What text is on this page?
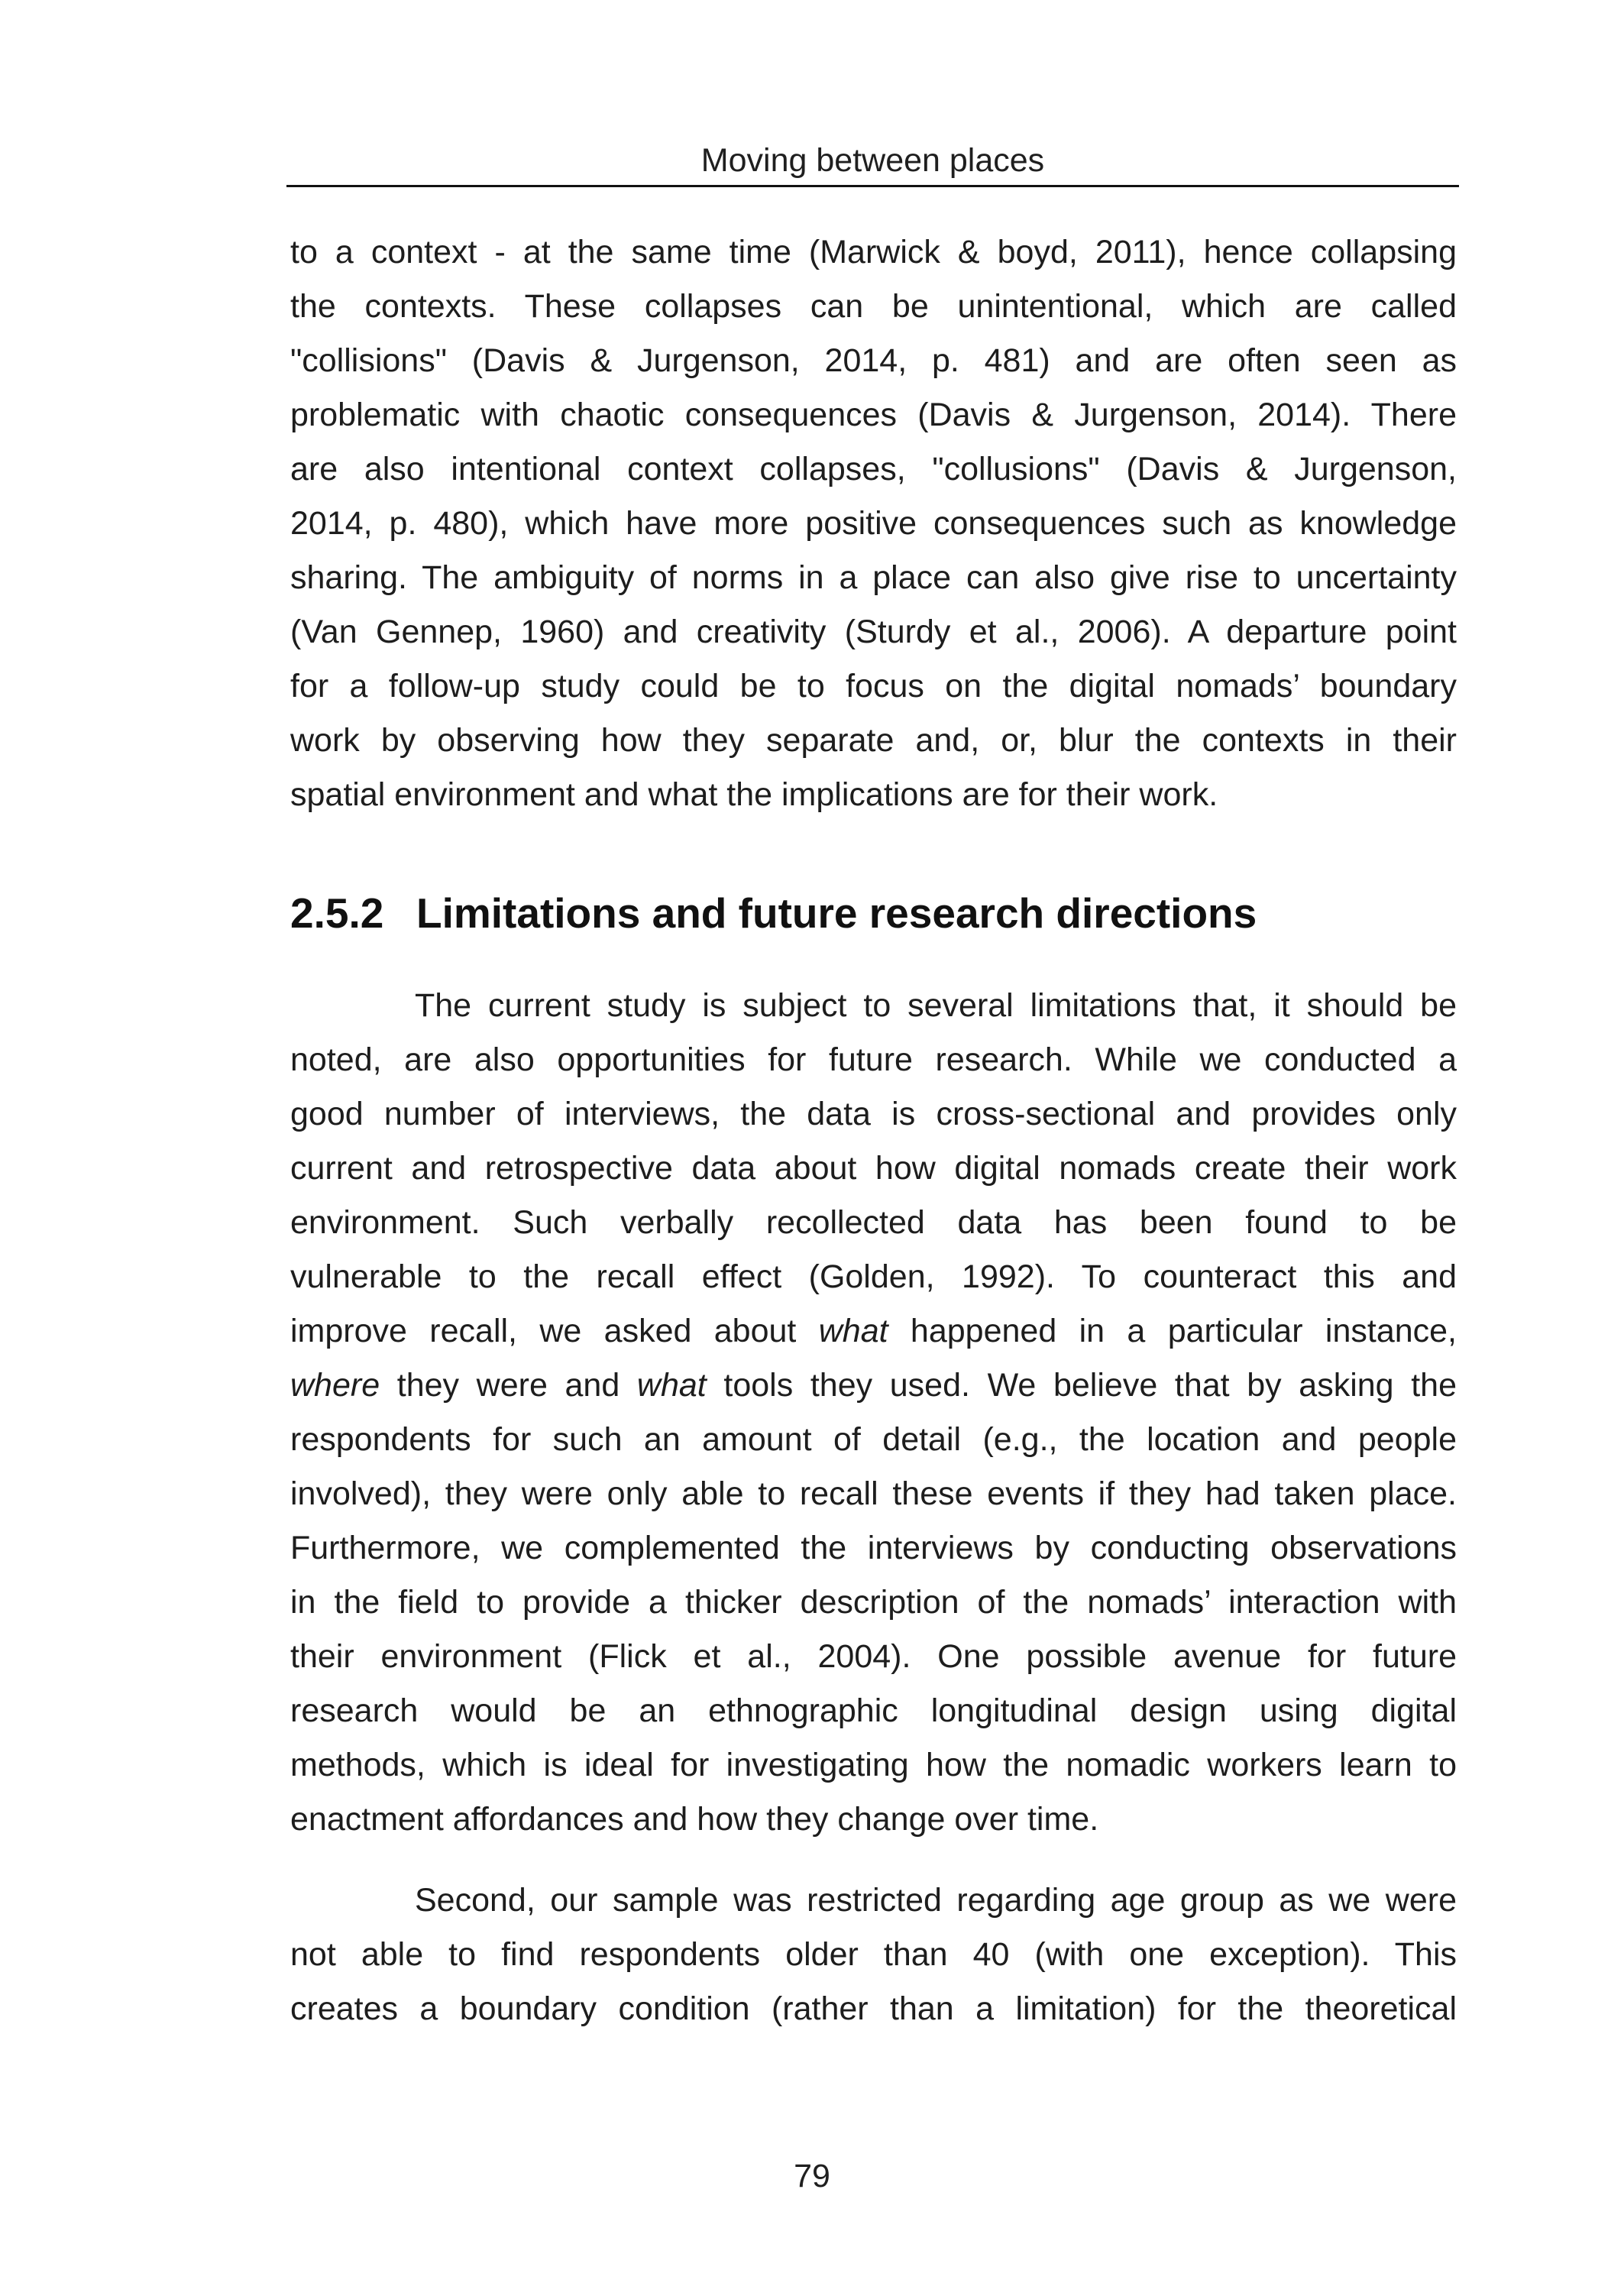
Moving between places
to a context - at the same time (Marwick & boyd, 2011), hence collapsing
the contexts. These collapses can be unintentional, which are called
"collisions" (Davis & Jurgenson, 2014, p. 481) and are often seen as
problematic with chaotic consequences (Davis & Jurgenson, 2014). There
are also intentional context collapses, "collusions" (Davis & Jurgenson,
2014, p. 480), which have more positive consequences such as knowledge
sharing. The ambiguity of norms in a place can also give rise to uncertainty
(Van Gennep, 1960) and creativity (Sturdy et al., 2006). A departure point
for a follow-up study could be to focus on the digital nomads’ boundary
work by observing how they separate and, or, blur the contexts in their
spatial environment and what the implications are for their work.
2.5.2 Limitations and future research directions
The current study is subject to several limitations that, it should be
noted, are also opportunities for future research. While we conducted a
good number of interviews, the data is cross-sectional and provides only
current and retrospective data about how digital nomads create their work
environment. Such verbally recollected data has been found to be
vulnerable to the recall effect (Golden, 1992). To counteract this and
improve recall, we asked about what happened in a particular instance,
where they were and what tools they used. We believe that by asking the
respondents for such an amount of detail (e.g., the location and people
involved), they were only able to recall these events if they had taken place.
Furthermore, we complemented the interviews by conducting observations
in the field to provide a thicker description of the nomads’ interaction with
their environment (Flick et al., 2004). One possible avenue for future
research would be an ethnographic longitudinal design using digital
methods, which is ideal for investigating how the nomadic workers learn to
enactment affordances and how they change over time.
Second, our sample was restricted regarding age group as we were
not able to find respondents older than 40 (with one exception). This
creates a boundary condition (rather than a limitation) for the theoretical
79
